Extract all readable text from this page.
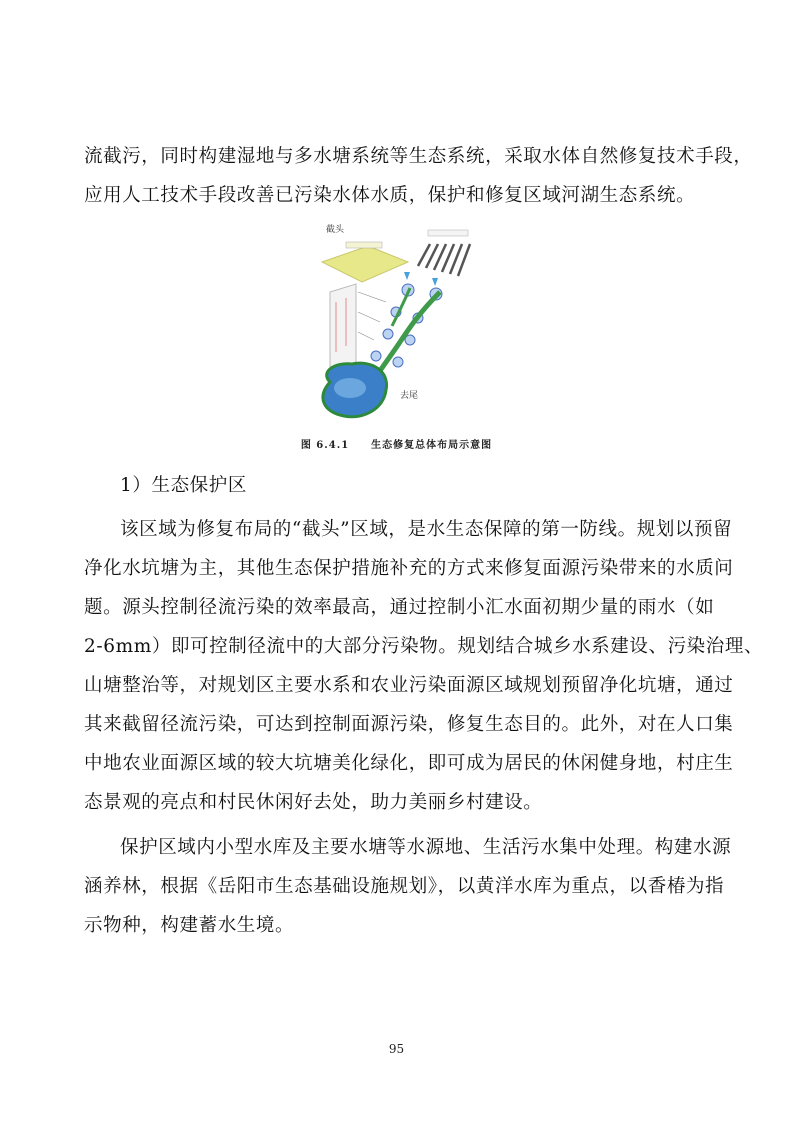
流截污，同时构建湿地与多水塘系统等生态系统，采取水体自然修复技术手段，
应用人工技术手段改善已污染水体水质，保护和修复区域河湖生态系统。
截头
去尾
图 6.4.1　　生态修复总体布局示意图
1）生态保护区
该区域为修复布局的“截头”区域，是水生态保障的第一防线。规划以预留
净化水坑塘为主，其他生态保护措施补充的方式来修复面源污染带来的水质问
题。源头控制径流污染的效率最高，通过控制小汇水面初期少量的雨水（如
2-6mm）即可控制径流中的大部分污染物。规划结合城乡水系建设、污染治理、
山塘整治等，对规划区主要水系和农业污染面源区域规划预留净化坑塘，通过
其来截留径流污染，可达到控制面源污染，修复生态目的。此外，对在人口集
中地农业面源区域的较大坑塘美化绿化，即可成为居民的休闲健身地，村庄生
态景观的亮点和村民休闲好去处，助力美丽乡村建设。
保护区域内小型水库及主要水塘等水源地、生活污水集中处理。构建水源
涵养林，根据《岳阳市生态基础设施规划》，以黄洋水库为重点，以香椿为指
示物种，构建蓄水生境。
95
